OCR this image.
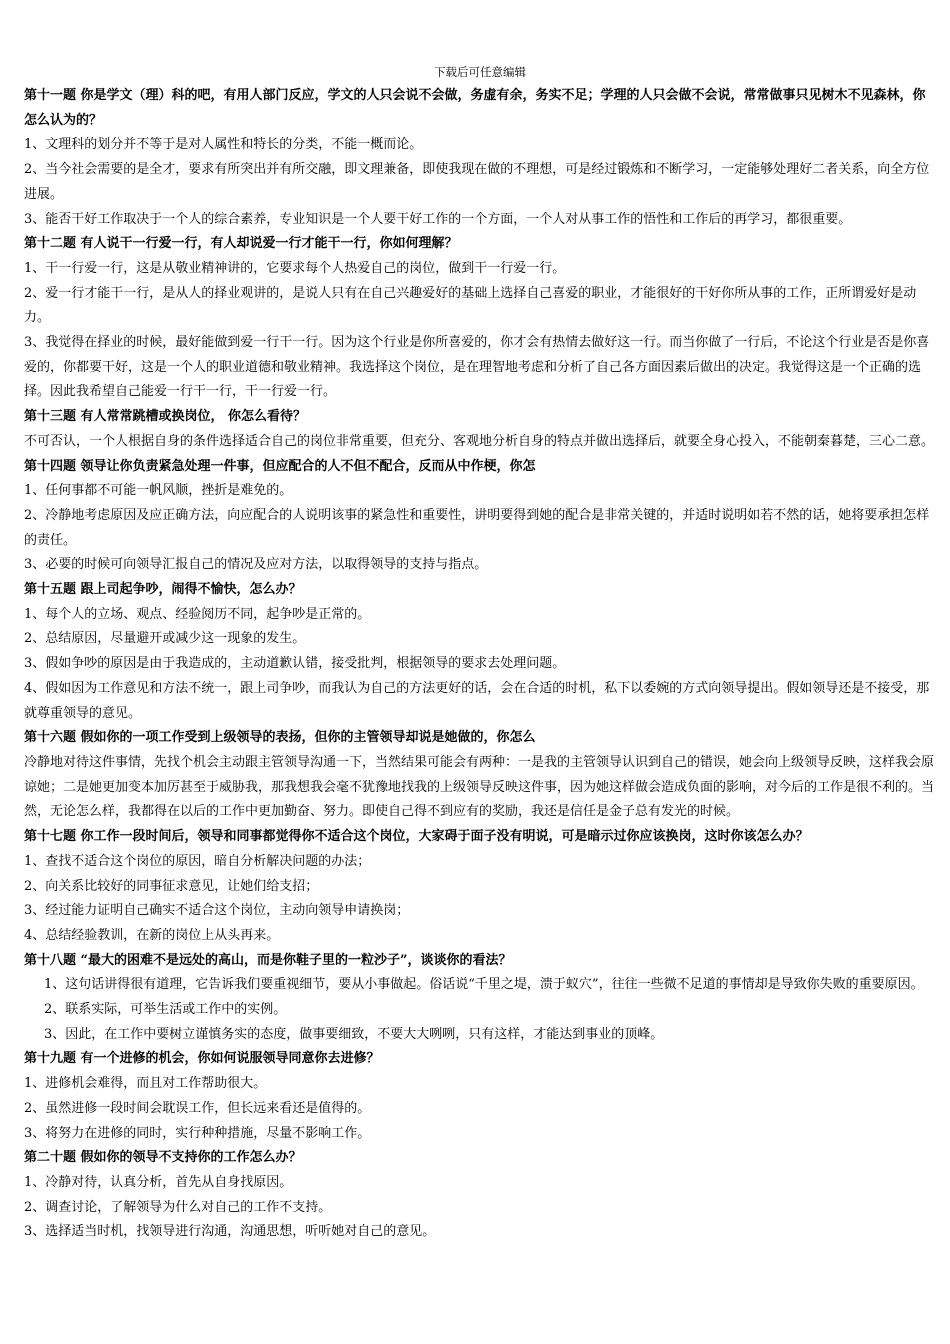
下载后可任意编辑

第十一题 你是学文（理）科的吧，有用人部门反应，学文的人只会说不会做，务虚有余，务实不足；学理的人只会做不会说，常常做事只见树木不见森林，你怎么认为的？

1、文理科的划分并不等于是对人属性和特长的分类，不能一概而论。

2、当今社会需要的是全才，要求有所突出并有所交融，即文理兼备，即使我现在做的不理想，可是经过锻炼和不断学习，一定能够处理好二者关系，向全方位进展。

3、能否干好工作取决于一个人的综合素养，专业知识是一个人要干好工作的一个方面，一个人对从事工作的悟性和工作后的再学习，都很重要。

第十二题 有人说干一行爱一行，有人却说爱一行才能干一行，你如何理解？

1、干一行爱一行，这是从敬业精神讲的，它要求每个人热爱自己的岗位，做到干一行爱一行。

2、爱一行才能干一行，是从人的择业观讲的，是说人只有在自己兴趣爱好的基础上选择自己喜爱的职业，才能很好的干好你所从事的工作，正所谓爱好是动力。

3、我觉得在择业的时候，最好能做到爱一行干一行。因为这个行业是你所喜爱的，你才会有热情去做好这一行。而当你做了一行后，不论这个行业是否是你喜爱的，你都要干好，这是一个人的职业道德和敬业精神。我选择这个岗位，是在理智地考虑和分析了自己各方面因素后做出的决定。我觉得这是一个正确的选择。因此我希望自己能爱一行干一行，干一行爱一行。

第十三题 有人常常跳槽或换岗位， 你怎么看待？

不可否认，一个人根据自身的条件选择适合自己的岗位非常重要，但充分、客观地分析自身的特点并做出选择后，就要全身心投入，不能朝秦暮楚，三心二意。

第十四题 领导让你负责紧急处理一件事，但应配合的人不但不配合，反而从中作梗，你怎

1、任何事都不可能一帆风顺，挫折是难免的。

2、冷静地考虑原因及应正确方法，向应配合的人说明该事的紧急性和重要性，讲明要得到她的配合是非常关键的，并适时说明如若不然的话，她将要承担怎样的责任。

3、必要的时候可向领导汇报自己的情况及应对方法，以取得领导的支持与指点。

第十五题 跟上司起争吵，闹得不愉快，怎么办？

1、每个人的立场、观点、经验阅历不同，起争吵是正常的。

2、总结原因，尽量避开或减少这一现象的发生。

3、假如争吵的原因是由于我造成的，主动道歉认错，接受批判，根据领导的要求去处理问题。

4、假如因为工作意见和方法不统一，跟上司争吵，而我认为自己的方法更好的话，会在合适的时机，私下以委婉的方式向领导提出。假如领导还是不接受，那就尊重领导的意见。

第十六题 假如你的一项工作受到上级领导的表扬，但你的主管领导却说是她做的，你怎么

冷静地对待这件事情，先找个机会主动跟主管领导沟通一下，当然结果可能会有两种：一是我的主管领导认识到自己的错误，她会向上级领导反映，这样我会原谅她；二是她更加变本加厉甚至于威胁我，那我想我会毫不犹豫地找我的上级领导反映这件事，因为她这样做会造成负面的影响，对今后的工作是很不利的。当然，无论怎么样，我都得在以后的工作中更加勤奋、努力。即使自己得不到应有的奖励，我还是信任是金子总有发光的时候。

第十七题 你工作一段时间后，领导和同事都觉得你不适合这个岗位，大家碍于面子没有明说，可是暗示过你应该换岗，这时你该怎么办？

1、查找不适合这个岗位的原因，暗自分析解决问题的办法；

2、向关系比较好的同事征求意见，让她们给支招；

3、经过能力证明自己确实不适合这个岗位，主动向领导申请换岗；

4、总结经验教训，在新的岗位上从头再来。

第十八题 “最大的困难不是远处的高山，而是你鞋子里的一粒沙子”，谈谈你的看法？

1、这句话讲得很有道理，它告诉我们要重视细节，要从小事做起。俗话说“千里之堤，溃于蚁穴”，往往一些微不足道的事情却是导致你失败的重要原因。

2、联系实际，可举生活或工作中的实例。

3、因此，在工作中要树立谨慎务实的态度，做事要细致，不要大大咧咧，只有这样，才能达到事业的顶峰。

第十九题 有一个进修的机会，你如何说服领导同意你去进修？

1、进修机会难得，而且对工作帮助很大。

2、虽然进修一段时间会耽误工作，但长远来看还是值得的。

3、将努力在进修的同时，实行种种措施，尽量不影响工作。

第二十题 假如你的领导不支持你的工作怎么办？

1、冷静对待，认真分析，首先从自身找原因。

2、调查讨论，了解领导为什么对自己的工作不支持。

3、选择适当时机，找领导进行沟通，沟通思想，听听她对自己的意见。
